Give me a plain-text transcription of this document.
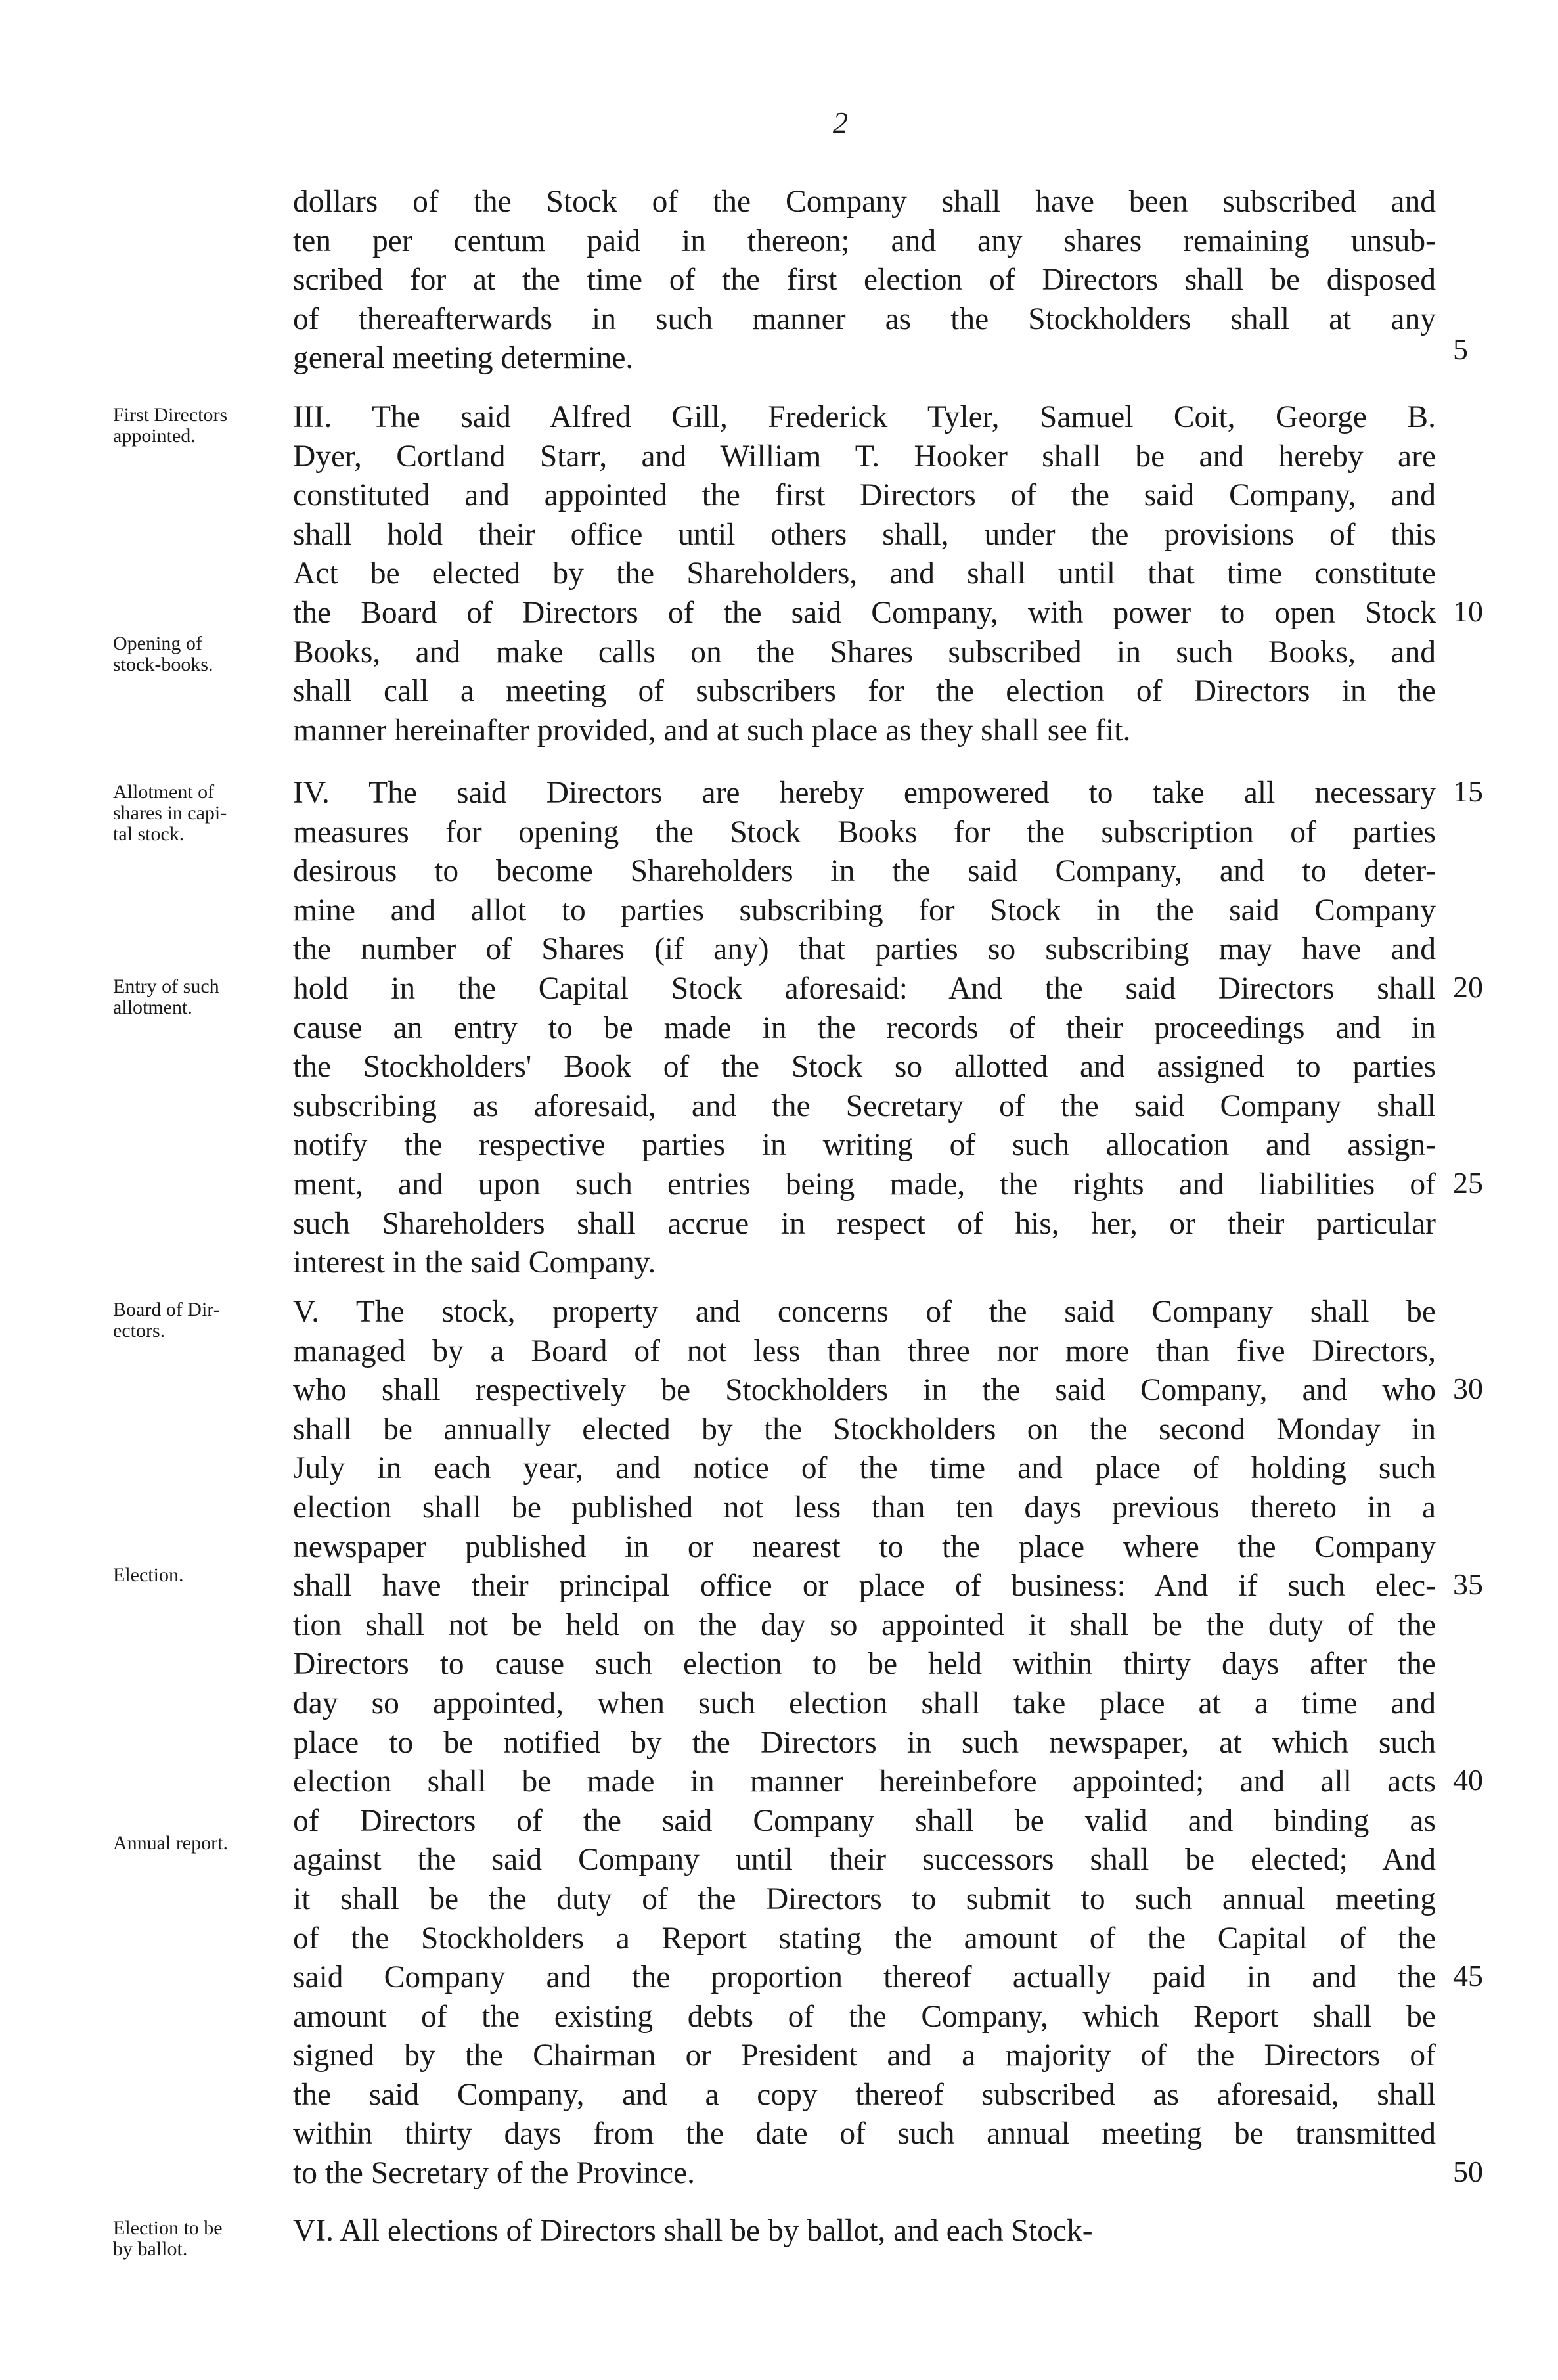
2

dollars of the Stock of the Company shall have been subscribed and
ten per centum paid in thereon; and any shares remaining unsub-
scribed for at the time of the first election of Directors shall be disposed
of thereafterwards in such manner as the Stockholders shall at any
general meeting determine.

III. The said Alfred Gill, Frederick Tyler, Samuel Coit, George B.
Dyer, Cortland Starr, and William T. Hooker shall be and hereby are
constituted and appointed the first Directors of the said Company, and
shall hold their office until others shall, under the provisions of this
Act be elected by the Shareholders, and shall until that time constitute
the Board of Directors of the said Company, with power to open Stock
Books, and make calls on the Shares subscribed in such Books, and
shall call a meeting of subscribers for the election of Directors in the
manner hereinafter provided, and at such place as they shall see fit.

IV. The said Directors are hereby empowered to take all necessary
measures for opening the Stock Books for the subscription of parties
desirous to become Shareholders in the said Company, and to deter-
mine and allot to parties subscribing for Stock in the said Company
the number of Shares (if any) that parties so subscribing may have and
hold in the Capital Stock aforesaid: And the said Directors shall
cause an entry to be made in the records of their proceedings and in
the Stockholders' Book of the Stock so allotted and assigned to parties
subscribing as aforesaid, and the Secretary of the said Company shall
notify the respective parties in writing of such allocation and assign-
ment, and upon such entries being made, the rights and liabilities of
such Shareholders shall accrue in respect of his, her, or their particular
interest in the said Company.

V. The stock, property and concerns of the said Company shall be
managed by a Board of not less than three nor more than five Directors,
who shall respectively be Stockholders in the said Company, and who
shall be annually elected by the Stockholders on the second Monday in
July in each year, and notice of the time and place of holding such
election shall be published not less than ten days previous thereto in a
newspaper published in or nearest to the place where the Company
shall have their principal office or place of business: And if such elec-
tion shall not be held on the day so appointed it shall be the duty of the
Directors to cause such election to be held within thirty days after the
day so appointed, when such election shall take place at a time and
place to be notified by the Directors in such newspaper, at which such
election shall be made in manner hereinbefore appointed; and all acts
of Directors of the said Company shall be valid and binding as
against the said Company until their successors shall be elected; And
it shall be the duty of the Directors to submit to such annual meeting
of the Stockholders a Report stating the amount of the Capital of the
said Company and the proportion thereof actually paid in and the
amount of the existing debts of the Company, which Report shall be
signed by the Chairman or President and a majority of the Directors of
the said Company, and a copy thereof subscribed as aforesaid, shall
within thirty days from the date of such annual meeting be transmitted
to the Secretary of the Province.

VI. All elections of Directors shall be by ballot, and each Stock-

First Directors
appointed.
Opening of
stock-books.
Allotment of
shares in capi-
tal stock.
Entry of such
allotment.
Board of Dir-
ectors.
Election.
Annual report.
Election to be
by ballot.
5
10
15
20
25
30
35
40
45
50
